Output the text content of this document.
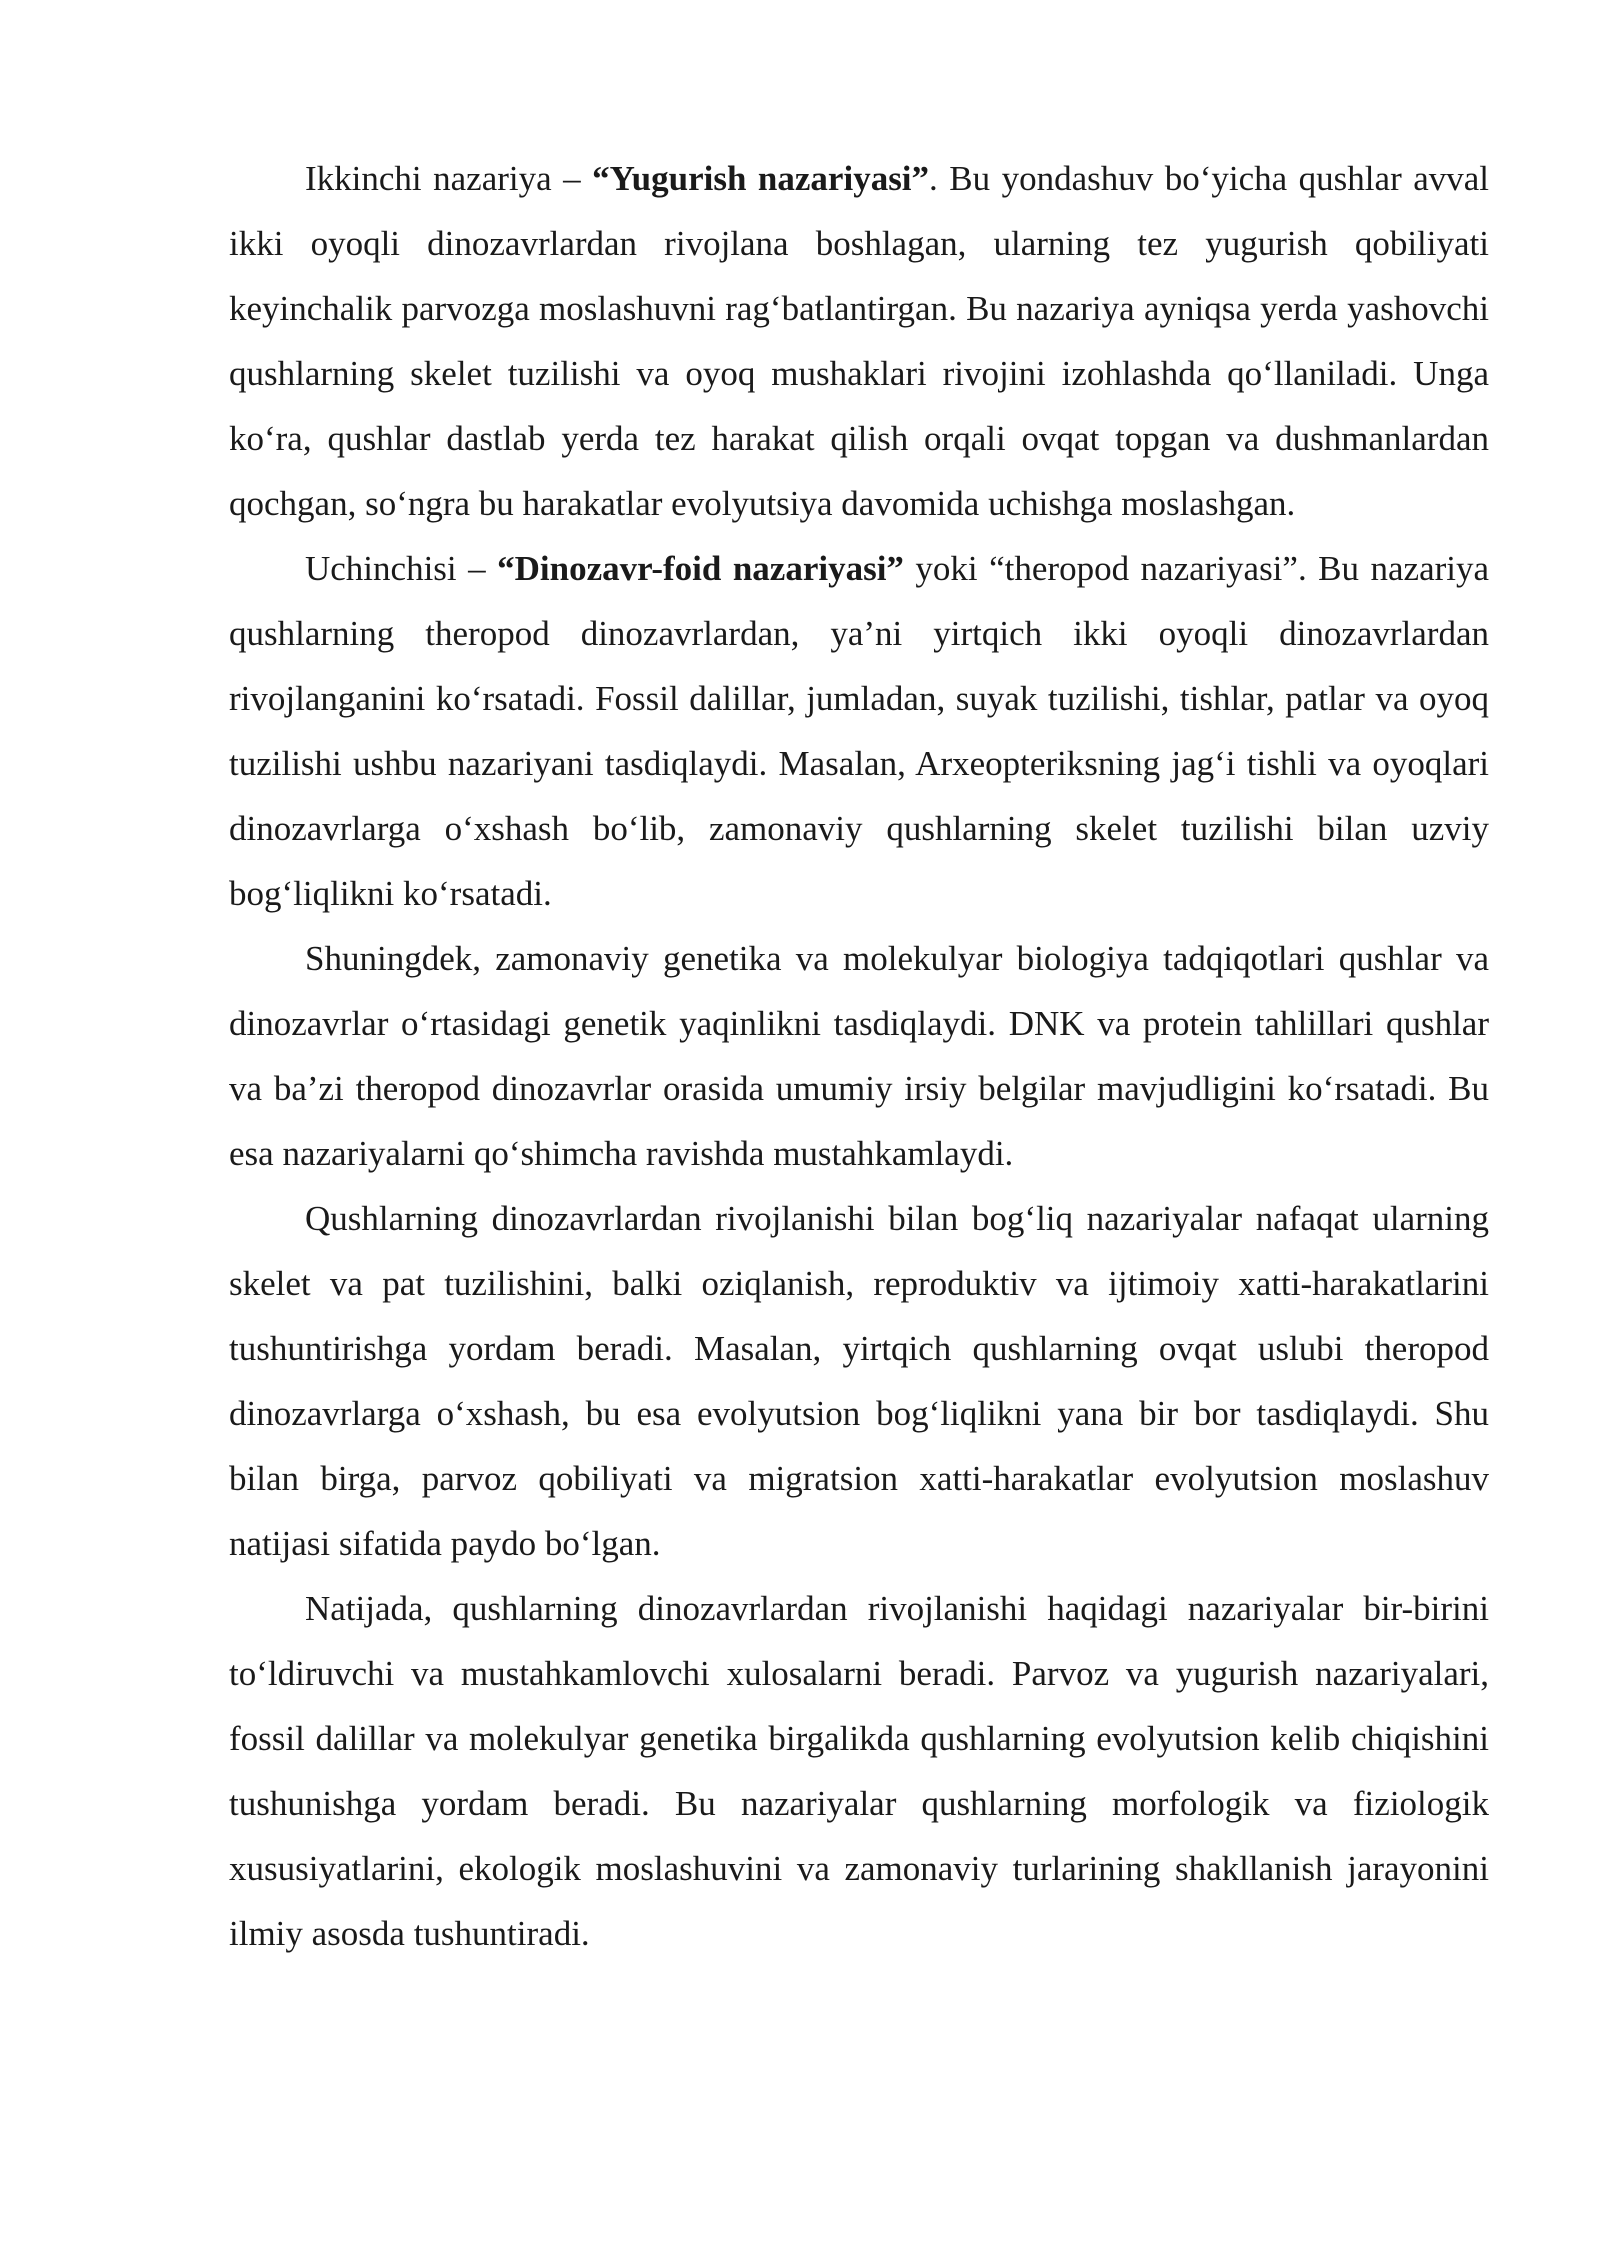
Ikkinchi nazariya – “Yugurish nazariyasi”. Bu yondashuv bo‘yicha qushlar avval ikki oyoqli dinozavrlardan rivojlana boshlagan, ularning tez yugurish qobiliyati keyinchalik parvozga moslashuvni rag‘batlantirgan. Bu nazariya ayniqsa yerda yashovchi qushlarning skelet tuzilishi va oyoq mushaklari rivojini izohlashda qo‘llaniladi. Unga ko‘ra, qushlar dastlab yerda tez harakat qilish orqali ovqat topgan va dushmanlardan qochgan, so‘ngra bu harakatlar evolyutsiya davomida uchishga moslashgan.

Uchinchisi – “Dinozavr-foid nazariyasi” yoki “theropod nazariyasi”. Bu nazariya qushlarning theropod dinozavrlardan, ya’ni yirtqich ikki oyoqli dinozavrlardan rivojlanganini ko‘rsatadi. Fossil dalillar, jumladan, suyak tuzilishi, tishlar, patlar va oyoq tuzilishi ushbu nazariyani tasdiqlaydi. Masalan, Arxeopteriksning jag‘i tishli va oyoqlari dinozavrlarga o‘xshash bo‘lib, zamonaviy qushlarning skelet tuzilishi bilan uzviy bog‘liqlikni ko‘rsatadi.

Shuningdek, zamonaviy genetika va molekulyar biologiya tadqiqotlari qushlar va dinozavrlar o‘rtasidagi genetik yaqinlikni tasdiqlaydi. DNK va protein tahlillari qushlar va ba’zi theropod dinozavrlar orasida umumiy irsiy belgilar mavjudligini ko‘rsatadi. Bu esa nazariyalarni qo‘shimcha ravishda mustahkamlaydi.

Qushlarning dinozavrlardan rivojlanishi bilan bog‘liq nazariyalar nafaqat ularning skelet va pat tuzilishini, balki oziqlanish, reproduktiv va ijtimoiy xatti-harakatlarini tushuntirishga yordam beradi. Masalan, yirtqich qushlarning ovqat uslubi theropod dinozavrlarga o‘xshash, bu esa evolyutsion bog‘liqlikni yana bir bor tasdiqlaydi. Shu bilan birga, parvoz qobiliyati va migratsion xatti-harakatlar evolyutsion moslashuv natijasi sifatida paydo bo‘lgan.

Natijada, qushlarning dinozavrlardan rivojlanishi haqidagi nazariyalar bir-birini to‘ldiruvchi va mustahkamlovchi xulosalarni beradi. Parvoz va yugurish nazariyalari, fossil dalillar va molekulyar genetika birgalikda qushlarning evolyutsion kelib chiqishini tushunishga yordam beradi. Bu nazariyalar qushlarning morfologik va fiziologik xususiyatlarini, ekologik moslashuvini va zamonaviy turlarining shakllanish jarayonini ilmiy asosda tushuntiradi.
